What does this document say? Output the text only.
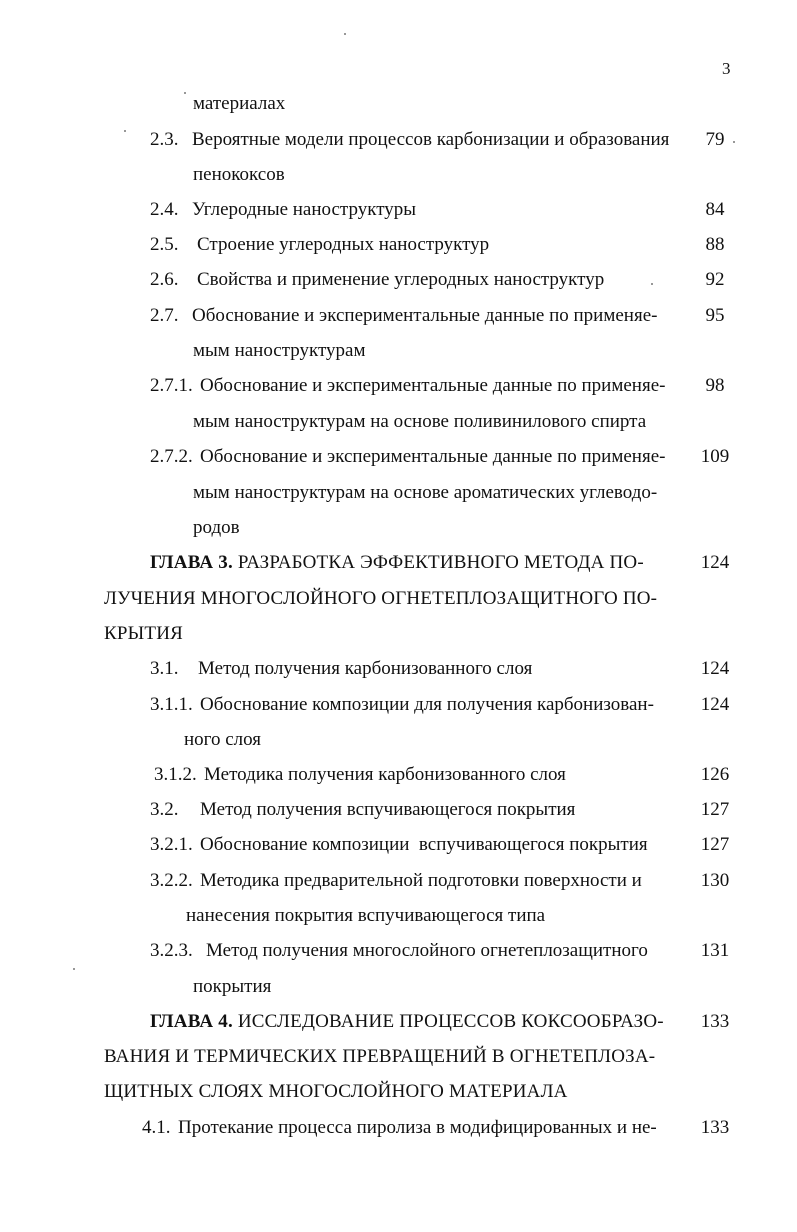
3
материалах
2.3. Вероятные модели процессов карбонизации и образования	79
пенококсов
2.4. Углеродные наноструктуры	84
2.5. Строение углеродных наноструктур	88
2.6. Свойства и применение углеродных наноструктур	92
2.7. Обоснование и экспериментальные данные по применяе-	95
мым наноструктурам
2.7.1. Обоснование и экспериментальные данные по применяе-	98
мым наноструктурам на основе поливинилового спирта
2.7.2. Обоснование и экспериментальные данные по применяе-	109
мым наноструктурам на основе ароматических углеводо-
родов
ГЛАВА 3. РАЗРАБОТКА ЭФФЕКТИВНОГО МЕТОДА ПО-	124
ЛУЧЕНИЯ МНОГОСЛОЙНОГО ОГНЕТЕПЛОЗАЩИТНОГО ПО-
КРЫТИЯ
3.1. Метод получения карбонизованного слоя	124
3.1.1. Обоснование композиции для получения карбонизован-	124
ного слоя
3.1.2. Методика получения карбонизованного слоя	126
3.2. Метод получения вспучивающегося покрытия	127
3.2.1. Обоснование композиции  вспучивающегося покрытия	127
3.2.2. Методика предварительной подготовки поверхности и	130
нанесения покрытия вспучивающегося типа
3.2.3. Метод получения многослойного огнетеплозащитного	131
покрытия
ГЛАВА 4. ИССЛЕДОВАНИЕ ПРОЦЕССОВ КОКСООБРАЗО-	133
ВАНИЯ И ТЕРМИЧЕСКИХ ПРЕВРАЩЕНИЙ В ОГНЕТЕПЛОЗА-
ЩИТНЫХ СЛОЯХ МНОГОСЛОЙНОГО МАТЕРИАЛА
4.1. Протекание процесса пиролиза в модифицированных и не-	133
